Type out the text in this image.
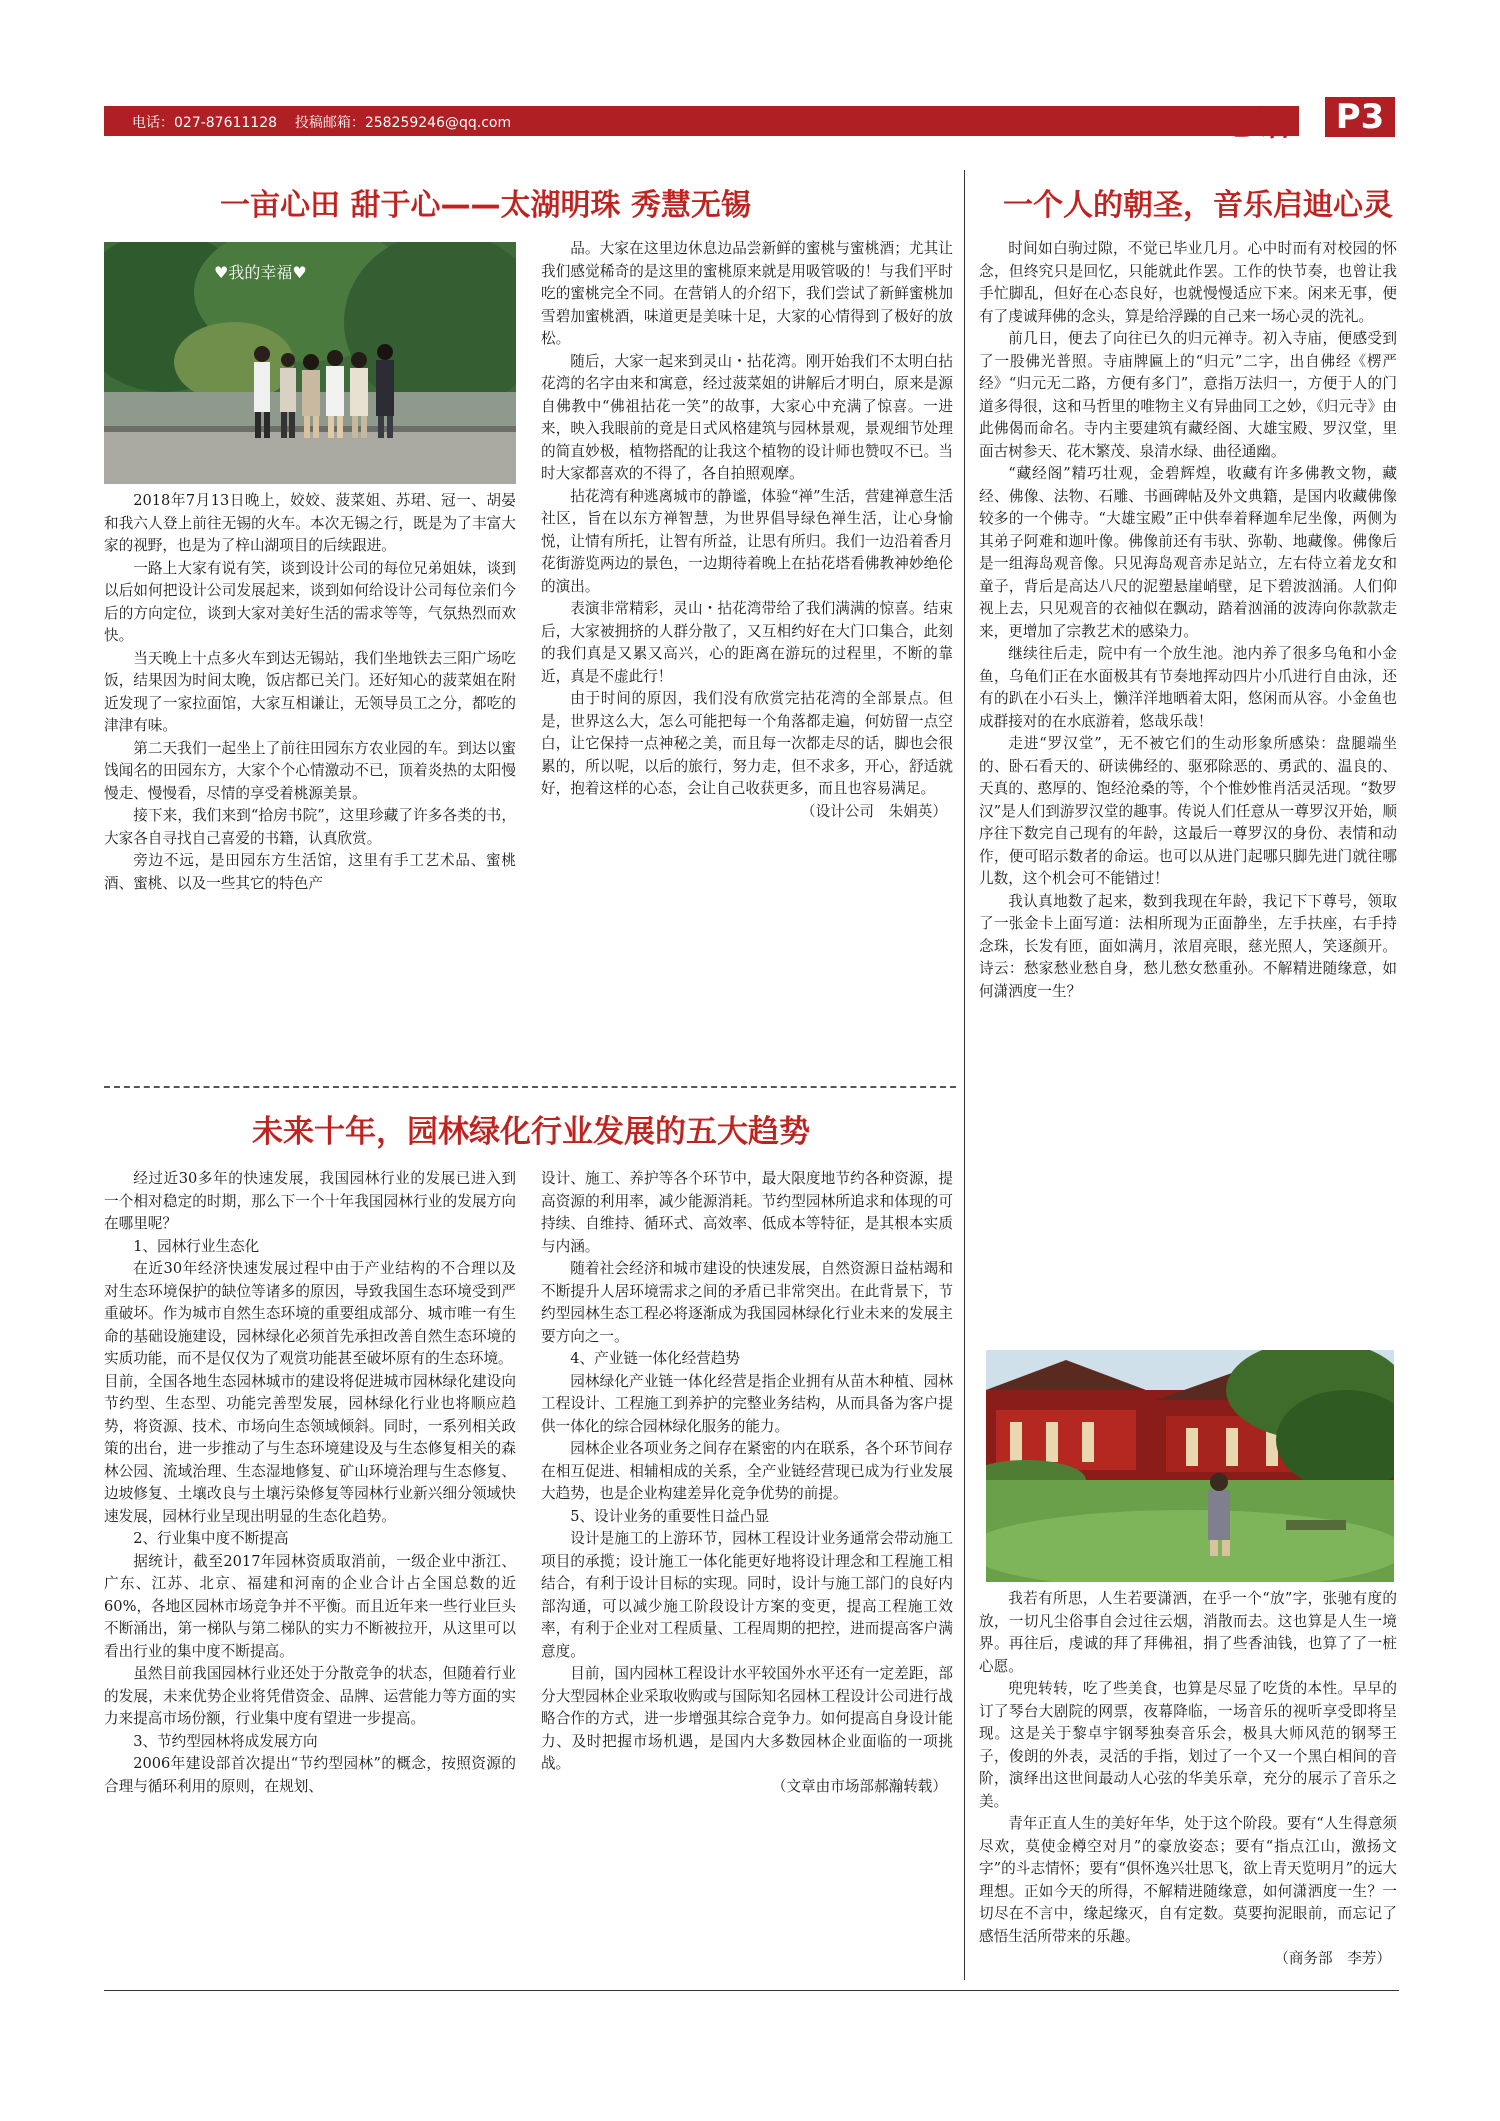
电话：027-87611128    投稿邮箱：258259246@qq.com	心语	P3
一亩心田 甜于心——太湖明珠 秀慧无锡
♥我的幸福♥

2018年7月13日晚上，姣姣、菠菜姐、苏珺、冠一、胡晏和我六人登上前往无锡的火车。本次无锡之行，既是为了丰富大家的视野，也是为了梓山湖项目的后续跟进。

一路上大家有说有笑，谈到设计公司的每位兄弟姐妹，谈到以后如何把设计公司发展起来，谈到如何给设计公司每位亲们今后的方向定位，谈到大家对美好生活的需求等等，气氛热烈而欢快。

当天晚上十点多火车到达无锡站，我们坐地铁去三阳广场吃饭，结果因为时间太晚，饭店都已关门。还好知心的菠菜姐在附近发现了一家拉面馆，大家互相谦让，无领导员工之分，都吃的津津有味。

第二天我们一起坐上了前往田园东方农业园的车。到达以蜜饯闻名的田园东方，大家个个心情激动不已，顶着炎热的太阳慢慢走、慢慢看，尽情的享受着桃源美景。

接下来，我们来到“拾房书院”，这里珍藏了许多各类的书，大家各自寻找自己喜爱的书籍，认真欣赏。

旁边不远，是田园东方生活馆，这里有手工艺术品、蜜桃酒、蜜桃、以及一些其它的特色产

品。大家在这里边休息边品尝新鲜的蜜桃与蜜桃酒；尤其让我们感觉稀奇的是这里的蜜桃原来就是用吸管吸的！与我们平时吃的蜜桃完全不同。在营销人的介绍下，我们尝试了新鲜蜜桃加雪碧加蜜桃酒，味道更是美味十足，大家的心情得到了极好的放松。

随后，大家一起来到灵山・拈花湾。刚开始我们不太明白拈花湾的名字由来和寓意，经过菠菜姐的讲解后才明白，原来是源自佛教中“佛祖拈花一笑”的故事，大家心中充满了惊喜。一进来，映入我眼前的竟是日式风格建筑与园林景观，景观细节处理的简直妙极，植物搭配的让我这个植物的设计师也赞叹不已。当时大家都喜欢的不得了，各自拍照观摩。

拈花湾有种逃离城市的静谧，体验“禅”生活，营建禅意生活社区，旨在以东方禅智慧，为世界倡导绿色禅生活，让心身愉悦，让情有所托，让智有所益，让思有所归。我们一边沿着香月花街游览两边的景色，一边期待着晚上在拈花塔看佛教神妙绝伦的演出。

表演非常精彩，灵山・拈花湾带给了我们满满的惊喜。结束后，大家被拥挤的人群分散了，又互相约好在大门口集合，此刻的我们真是又累又高兴，心的距离在游玩的过程里，不断的靠近，真是不虚此行！

由于时间的原因，我们没有欣赏完拈花湾的全部景点。但是，世界这么大，怎么可能把每一个角落都走遍，何妨留一点空白，让它保持一点神秘之美，而且每一次都走尽的话，脚也会很累的，所以呢，以后的旅行，努力走，但不求多，开心，舒适就好，抱着这样的心态，会让自己收获更多，而且也容易满足。

（设计公司　朱娟英）

未来十年，园林绿化行业发展的五大趋势

经过近30多年的快速发展，我国园林行业的发展已进入到一个相对稳定的时期，那么下一个十年我国园林行业的发展方向在哪里呢？

1、园林行业生态化

在近30年经济快速发展过程中由于产业结构的不合理以及对生态环境保护的缺位等诸多的原因，导致我国生态环境受到严重破坏。作为城市自然生态环境的重要组成部分、城市唯一有生命的基础设施建设，园林绿化必须首先承担改善自然生态环境的实质功能，而不是仅仅为了观赏功能甚至破坏原有的生态环境。

目前，全国各地生态园林城市的建设将促进城市园林绿化建设向节约型、生态型、功能完善型发展，园林绿化行业也将顺应趋势，将资源、技术、市场向生态领域倾斜。同时，一系列相关政策的出台，进一步推动了与生态环境建设及与生态修复相关的森林公园、流域治理、生态湿地修复、矿山环境治理与生态修复、边坡修复、土壤改良与土壤污染修复等园林行业新兴细分领域快速发展，园林行业呈现出明显的生态化趋势。

2、行业集中度不断提高

据统计，截至2017年园林资质取消前，一级企业中浙江、广东、江苏、北京、福建和河南的企业合计占全国总数的近60%，各地区园林市场竞争并不平衡。而且近年来一些行业巨头不断涌出，第一梯队与第二梯队的实力不断被拉开，从这里可以看出行业的集中度不断提高。

虽然目前我国园林行业还处于分散竞争的状态，但随着行业的发展，未来优势企业将凭借资金、品牌、运营能力等方面的实力来提高市场份额，行业集中度有望进一步提高。

3、节约型园林将成发展方向

2006年建设部首次提出“节约型园林”的概念，按照资源的合理与循环利用的原则，在规划、

设计、施工、养护等各个环节中，最大限度地节约各种资源，提高资源的利用率，减少能源消耗。节约型园林所追求和体现的可持续、自维持、循环式、高效率、低成本等特征，是其根本实质与内涵。

随着社会经济和城市建设的快速发展，自然资源日益枯竭和不断提升人居环境需求之间的矛盾已非常突出。在此背景下，节约型园林生态工程必将逐渐成为我国园林绿化行业未来的发展主要方向之一。

4、产业链一体化经营趋势

园林绿化产业链一体化经营是指企业拥有从苗木种植、园林工程设计、工程施工到养护的完整业务结构，从而具备为客户提供一体化的综合园林绿化服务的能力。

园林企业各项业务之间存在紧密的内在联系，各个环节间存在相互促进、相辅相成的关系，全产业链经营现已成为行业发展大趋势，也是企业构建差异化竞争优势的前提。

5、设计业务的重要性日益凸显

设计是施工的上游环节，园林工程设计业务通常会带动施工项目的承揽；设计施工一体化能更好地将设计理念和工程施工相结合，有利于设计目标的实现。同时，设计与施工部门的良好内部沟通，可以减少施工阶段设计方案的变更，提高工程施工效率，有利于企业对工程质量、工程周期的把控，进而提高客户满意度。

目前，国内园林工程设计水平较国外水平还有一定差距，部分大型园林企业采取收购或与国际知名园林工程设计公司进行战略合作的方式，进一步增强其综合竞争力。如何提高自身设计能力、及时把握市场机遇，是国内大多数园林企业面临的一项挑战。

（文章由市场部郝瀚转载）

一个人的朝圣，音乐启迪心灵

时间如白驹过隙，不觉已毕业几月。心中时而有对校园的怀念，但终究只是回忆，只能就此作罢。工作的快节奏，也曾让我手忙脚乱，但好在心态良好，也就慢慢适应下来。闲来无事，便有了虔诚拜佛的念头，算是给浮躁的自己来一场心灵的洗礼。

前几日，便去了向往已久的归元禅寺。初入寺庙，便感受到了一股佛光普照。寺庙牌匾上的“归元”二字，出自佛经《楞严经》“归元无二路，方便有多门”，意指万法归一，方便于人的门道多得很，这和马哲里的唯物主义有异曲同工之妙，《归元寺》由此佛偈而命名。寺内主要建筑有藏经阁、大雄宝殿、罗汉堂，里面古树参天、花木繁茂、泉清水绿、曲径通幽。

“藏经阁”精巧壮观，金碧辉煌，收藏有许多佛教文物，藏经、佛像、法物、石雕、书画碑帖及外文典籍，是国内收藏佛像较多的一个佛寺。“大雄宝殿”正中供奉着释迦牟尼坐像，两侧为其弟子阿难和迦叶像。佛像前还有韦驮、弥勒、地藏像。佛像后是一组海岛观音像。只见海岛观音赤足站立，左右侍立着龙女和童子，背后是高达八尺的泥塑悬崖峭壁，足下碧波汹涌。人们仰视上去，只见观音的衣袖似在飘动，踏着汹涌的波涛向你款款走来，更增加了宗教艺术的感染力。

继续往后走，院中有一个放生池。池内养了很多乌龟和小金鱼，乌龟们正在水面极其有节奏地挥动四片小爪进行自由泳，还有的趴在小石头上，懒洋洋地晒着太阳，悠闲而从容。小金鱼也成群接对的在水底游着，悠哉乐哉！

走进“罗汉堂”，无不被它们的生动形象所感染：盘腿端坐的、卧石看天的、研读佛经的、驱邪除恶的、勇武的、温良的、天真的、憨厚的、饱经沧桑的等，个个惟妙惟肖活灵活现。“数罗汉”是人们到游罗汉堂的趣事。传说人们任意从一尊罗汉开始，顺序往下数完自己现有的年龄，这最后一尊罗汉的身份、表情和动作，便可昭示数者的命运。也可以从进门起哪只脚先进门就往哪儿数，这个机会可不能错过！

我认真地数了起来，数到我现在年龄，我记下下尊号，领取了一张金卡上面写道：法相所现为正面静坐，左手扶座，右手持念珠，长发有匝，面如满月，浓眉亮眼，慈光照人，笑逐颜开。诗云：愁家愁业愁自身，愁儿愁女愁重孙。不解精进随缘意，如何潇洒度一生？

我若有所思，人生若要潇洒，在乎一个“放”字，张驰有度的放，一切凡尘俗事自会过往云烟，消散而去。这也算是人生一境界。再往后，虔诚的拜了拜佛祖，捐了些香油钱，也算了了一桩心愿。

兜兜转转，吃了些美食，也算是尽显了吃货的本性。早早的订了琴台大剧院的网票，夜幕降临，一场音乐的视听享受即将呈现。这是关于黎卓宇钢琴独奏音乐会，极具大师风范的钢琴王子，俊朗的外表，灵活的手指，划过了一个又一个黑白相间的音阶，演绎出这世间最动人心弦的华美乐章，充分的展示了音乐之美。

青年正直人生的美好年华，处于这个阶段。要有“人生得意须尽欢，莫使金樽空对月”的豪放姿态；要有“指点江山，激扬文字”的斗志情怀；要有“俱怀逸兴壮思飞，欲上青天览明月”的远大理想。正如今天的所得，不解精进随缘意，如何潇洒度一生？一切尽在不言中，缘起缘灭，自有定数。莫要拘泥眼前，而忘记了感悟生活所带来的乐趣。

（商务部　李芳）
